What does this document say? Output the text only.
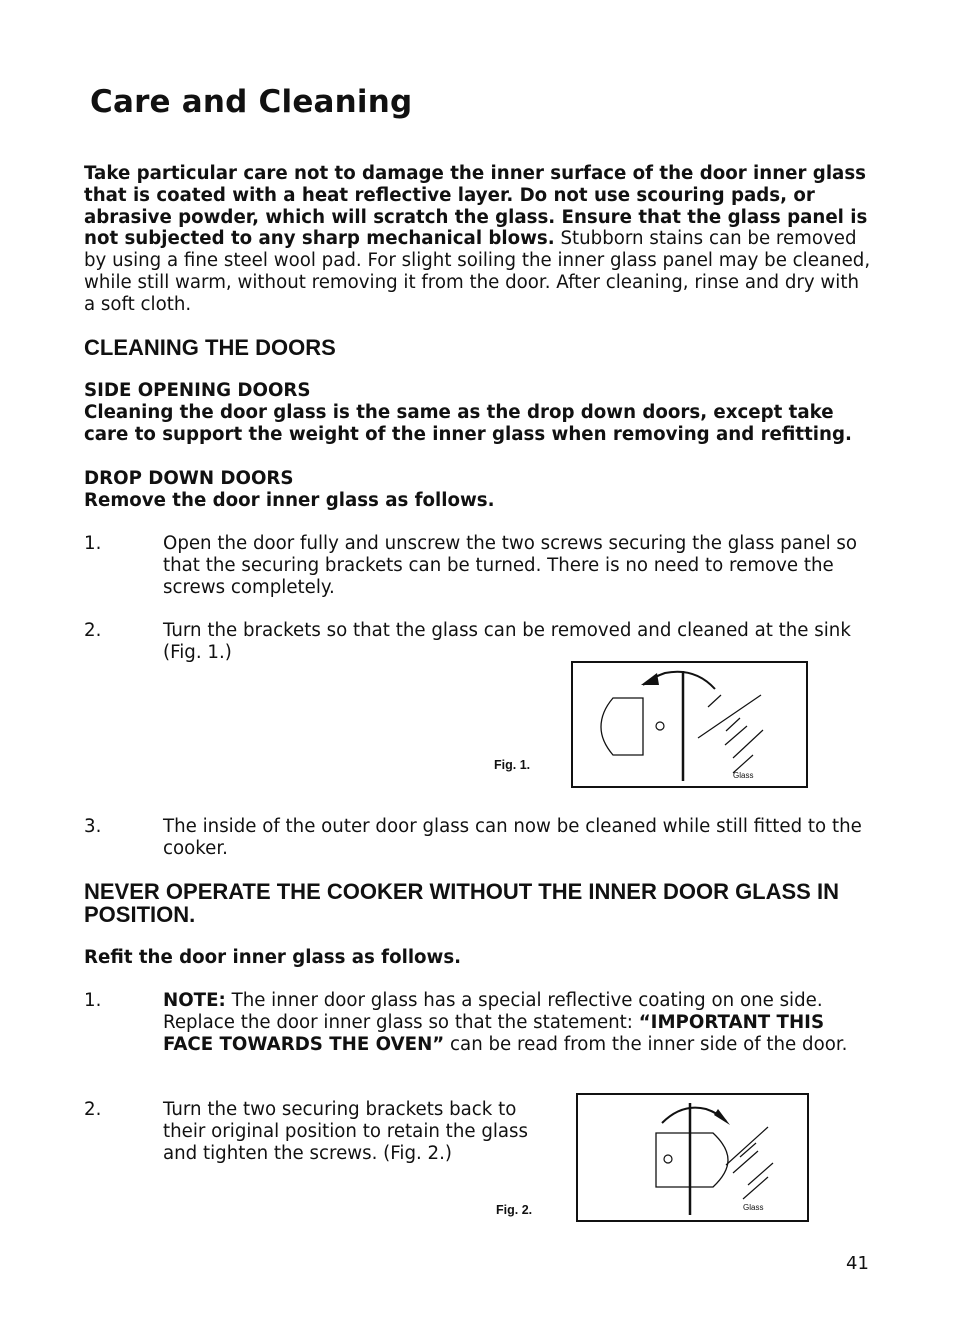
Care and Cleaning
Take particular care not to damage the inner surface of the door inner glass that is coated with a heat reflective layer. Do not use scouring pads, or abrasive powder, which will scratch the glass. Ensure that the glass panel is not subjected to any sharp mechanical blows. Stubborn stains can be removed by using a fine steel wool pad. For slight soiling the inner glass panel may be cleaned, while still warm, without removing it from the door. After cleaning, rinse and dry with a soft cloth.
CLEANING THE DOORS
SIDE OPENING DOORS
Cleaning the door glass is the same as the drop down doors, except take care to support the weight of the inner glass when removing and refitting.
DROP DOWN DOORS
Remove the door inner glass as follows.
1.	Open the door fully and unscrew the two screws securing the glass panel so that the securing brackets can be turned. There is no need to remove the screws completely.
2.	Turn the brackets so that the glass can be removed and cleaned at the sink (Fig. 1.)
Fig. 1.
Glass
3.	The inside of the outer door glass can now be cleaned while still fitted to the cooker.
NEVER OPERATE THE COOKER WITHOUT THE INNER DOOR GLASS IN POSITION.
Refit the door inner glass as follows.
1.	NOTE: The inner door glass has a special reflective coating on one side. Replace the door inner glass so that the statement: “IMPORTANT THIS FACE TOWARDS THE OVEN” can be read from the inner side of the door.
2.	Turn the two securing brackets back to their original position to retain the glass and tighten the screws. (Fig. 2.)
Fig. 2.	Glass
41
